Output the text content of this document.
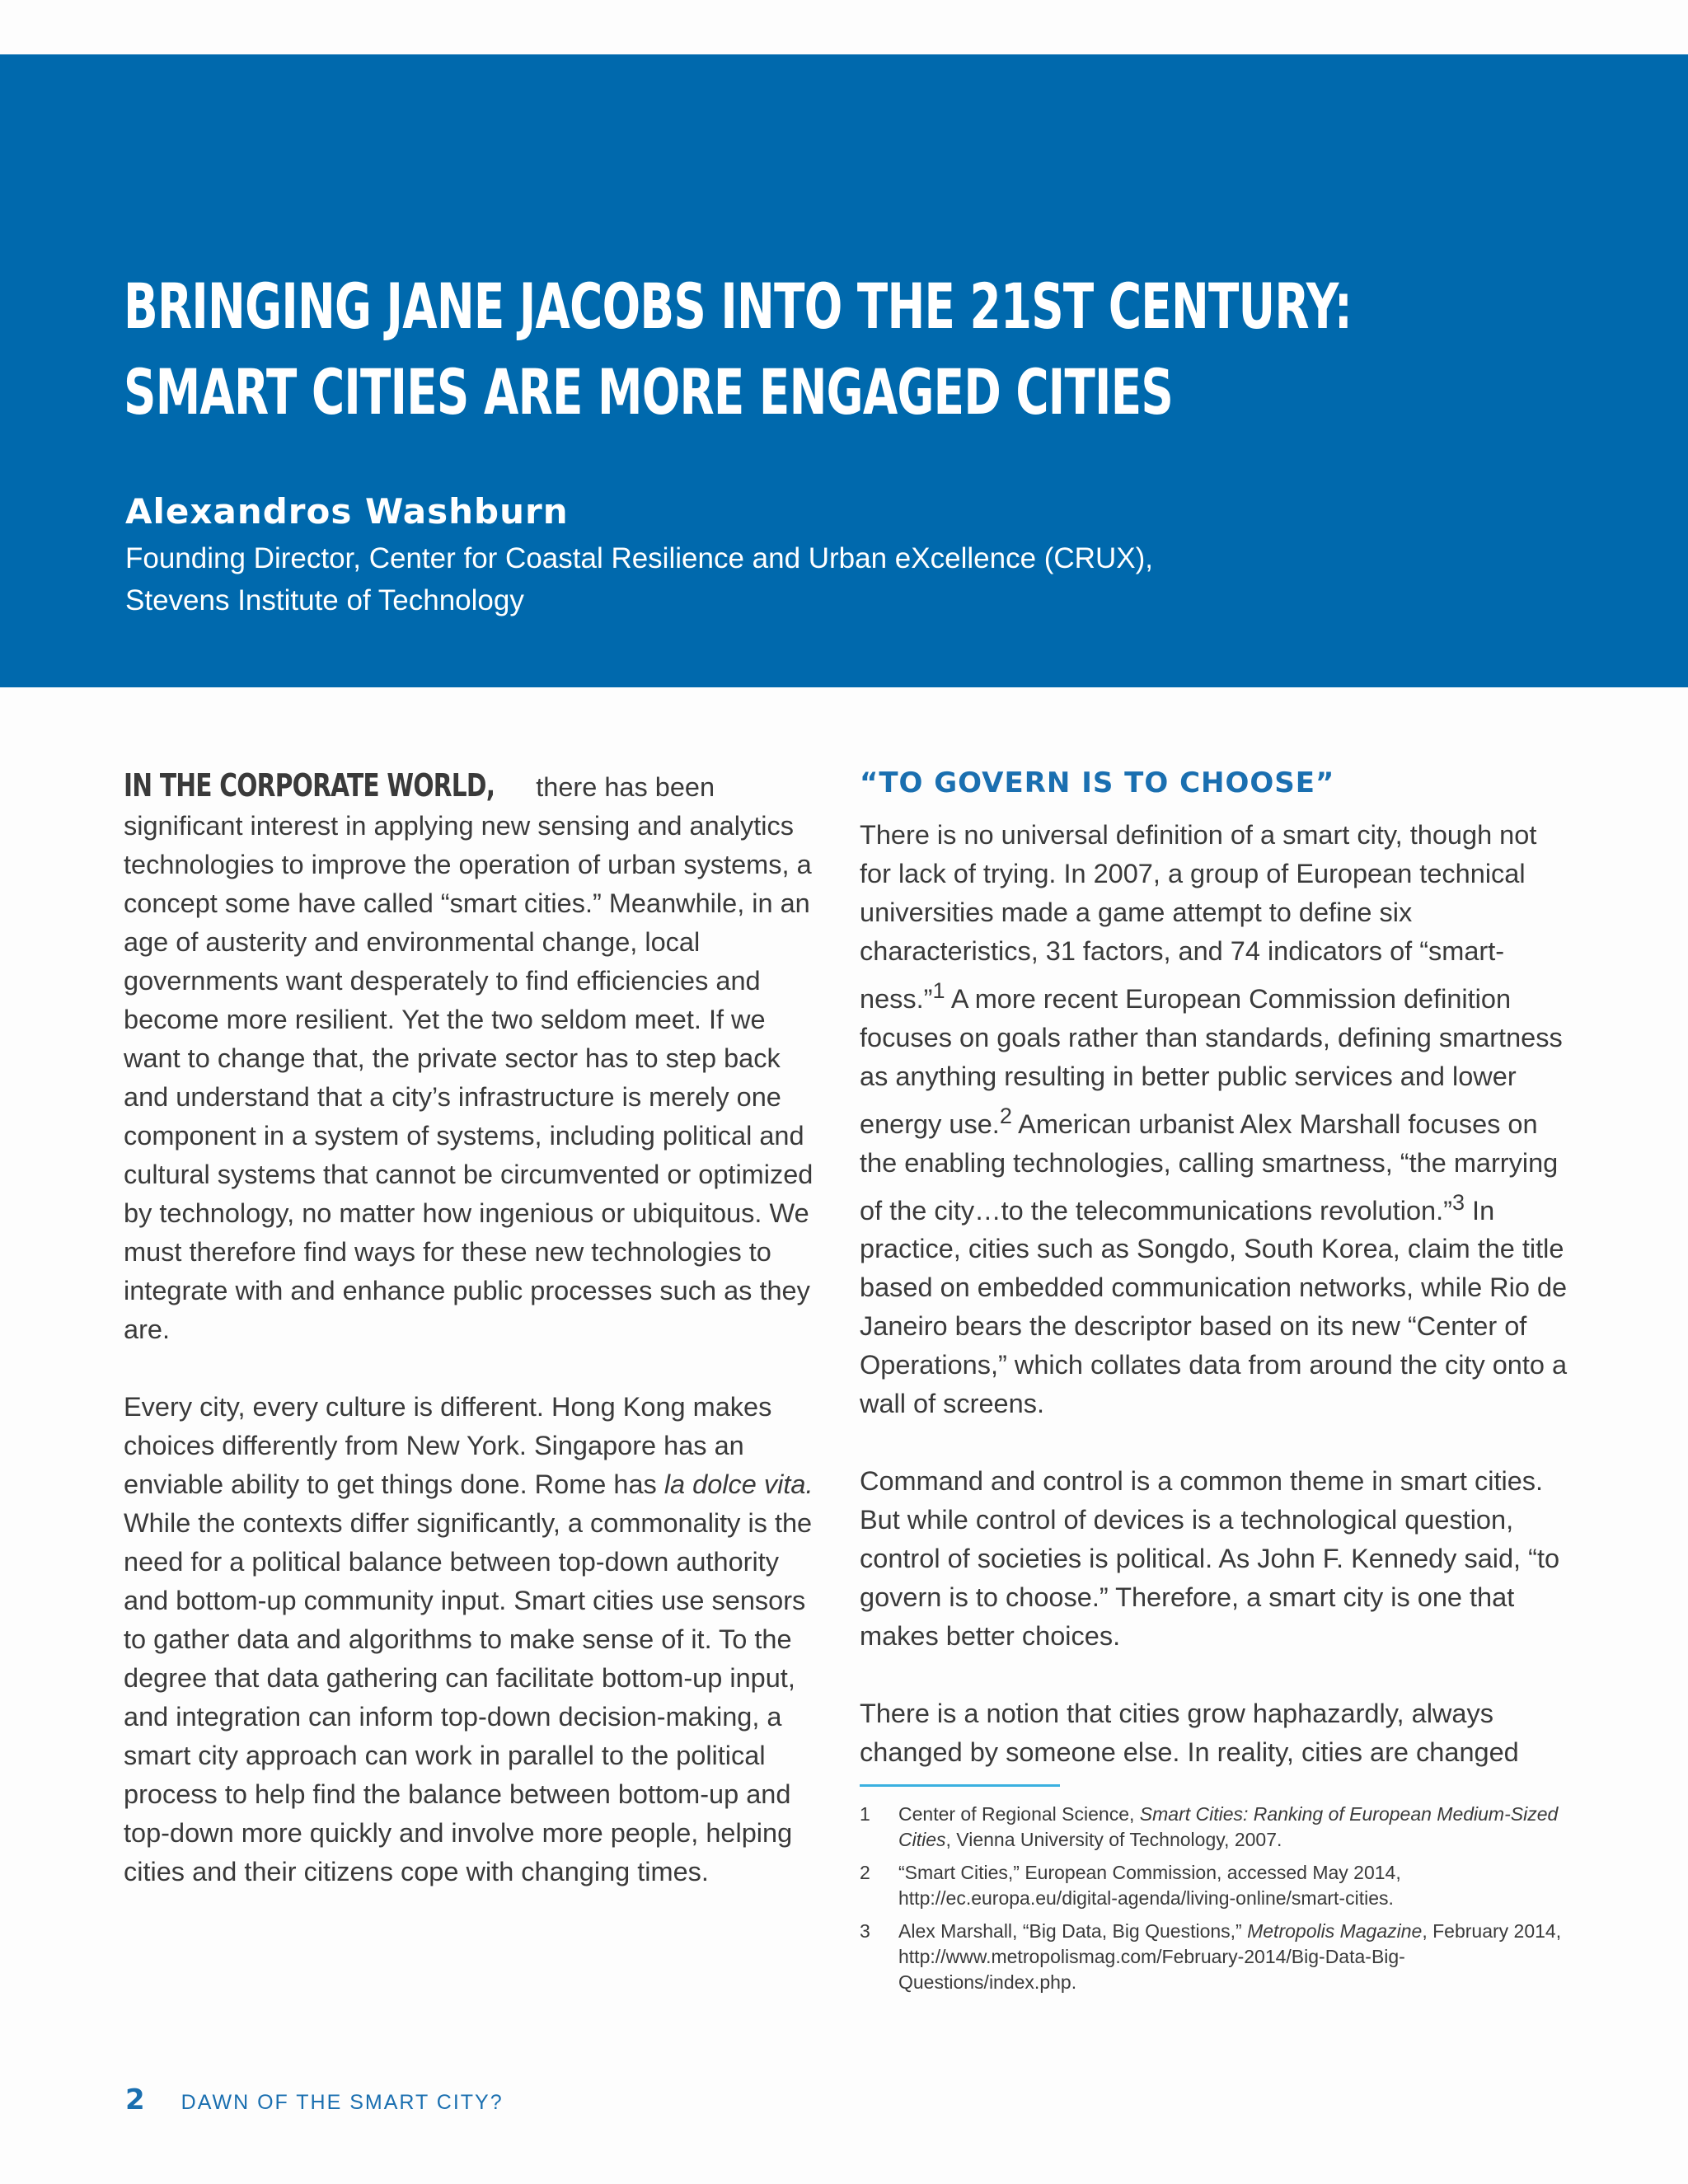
BRINGING JANE JACOBS INTO THE 21ST CENTURY:
SMART CITIES ARE MORE ENGAGED CITIES
Alexandros Washburn
Founding Director, Center for Coastal Resilience and Urban eXcellence (CRUX),
Stevens Institute of Technology

IN THE CORPORATE WORLD, there has been significant interest in applying new sensing and analytics technologies to improve the operation of urban systems, a concept some have called “smart cities.” Meanwhile, in an age of austerity and environmental change, local governments want desperately to find efficiencies and become more resilient. Yet the two seldom meet. If we want to change that, the private sector has to step back and understand that a city’s infrastructure is merely one component in a system of systems, including political and cultural systems that cannot be circumvented or optimized by technology, no matter how ingenious or ubiquitous. We must therefore find ways for these new technologies to integrate with and enhance public processes such as they are.

Every city, every culture is different. Hong Kong makes choices differently from New York. Singapore has an enviable ability to get things done. Rome has la dolce vita. While the contexts differ significantly, a commonality is the need for a political balance between top-down authority and bottom-up community input. Smart cities use sensors to gather data and algorithms to make sense of it. To the degree that data gathering can facilitate bottom-up input, and integration can inform top-down decision-making, a smart city approach can work in parallel to the political process to help find the balance between bottom-up and top-down more quickly and involve more people, helping cities and their citizens cope with changing times.

“TO GOVERN IS TO CHOOSE”

There is no universal definition of a smart city, though not for lack of trying. In 2007, a group of European technical universities made a game attempt to define six characteristics, 31 factors, and 74 indicators of “smartness.”$^1$ A more recent European Commission definition focuses on goals rather than standards, defining smartness as anything resulting in better public services and lower energy use.$^2$ American urbanist Alex Marshall focuses on the enabling technologies, calling smartness, “the marrying of the city…to the telecommunications revolution.”$^3$ In practice, cities such as Songdo, South Korea, claim the title based on embedded communication networks, while Rio de Janeiro bears the descriptor based on its new “Center of Operations,” which collates data from around the city onto a wall of screens.

Command and control is a common theme in smart cities. But while control of devices is a technological question, control of societies is political. As John F. Kennedy said, “to govern is to choose.” Therefore, a smart city is one that makes better choices.

There is a notion that cities grow haphazardly, always changed by someone else. In reality, cities are changed

1	Center of Regional Science, Smart Cities: Ranking of European Medium-Sized Cities, Vienna University of Technology, 2007.
2	“Smart Cities,” European Commission, accessed May 2014, http://ec.europa.eu/digital-agenda/living-online/smart-cities.
3	Alex Marshall, “Big Data, Big Questions,” Metropolis Magazine, February 2014, http://www.metropolismag.com/February-2014/Big-Data-Big-Questions/index.php.
2 DAWN OF THE SMART CITY?
